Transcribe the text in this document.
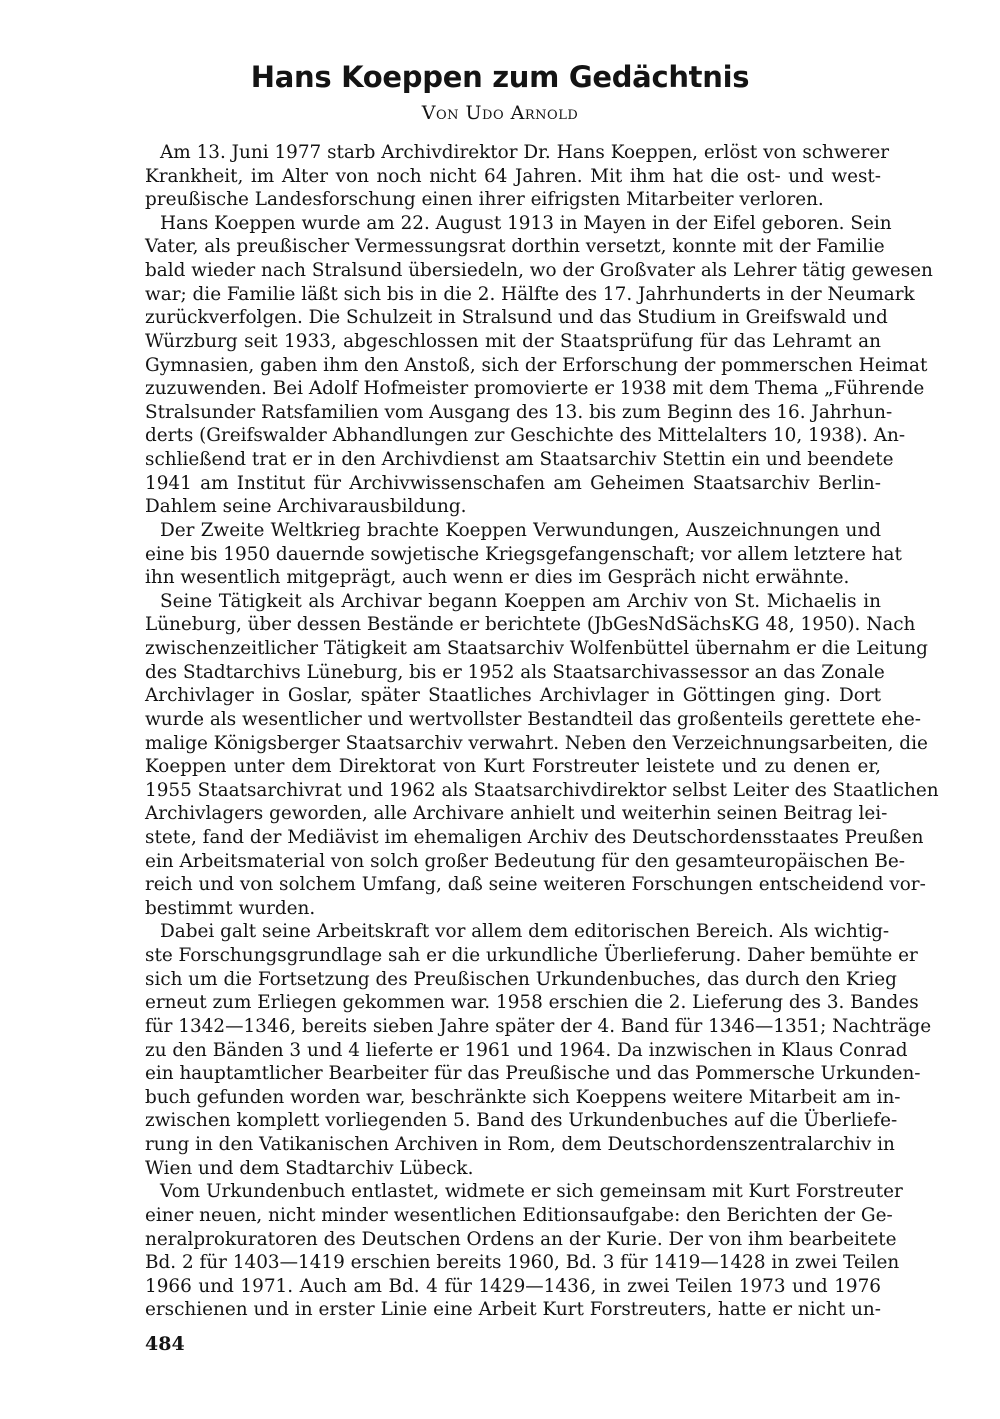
Hans Koeppen zum Gedächtnis
Von Udo Arnold
Am 13. Juni 1977 starb Archivdirektor Dr. Hans Koeppen, erlöst von schwerer
Krankheit, im Alter von noch nicht 64 Jahren. Mit ihm hat die ost- und west-
preußische Landesforschung einen ihrer eifrigsten Mitarbeiter verloren.
Hans Koeppen wurde am 22. August 1913 in Mayen in der Eifel geboren. Sein
Vater, als preußischer Vermessungsrat dorthin versetzt, konnte mit der Familie
bald wieder nach Stralsund übersiedeln, wo der Großvater als Lehrer tätig gewesen
war; die Familie läßt sich bis in die 2. Hälfte des 17. Jahrhunderts in der Neumark
zurückverfolgen. Die Schulzeit in Stralsund und das Studium in Greifswald und
Würzburg seit 1933, abgeschlossen mit der Staatsprüfung für das Lehramt an
Gymnasien, gaben ihm den Anstoß, sich der Erforschung der pommerschen Heimat
zuzuwenden. Bei Adolf Hofmeister promovierte er 1938 mit dem Thema „Führende
Stralsunder Ratsfamilien vom Ausgang des 13. bis zum Beginn des 16. Jahrhun-
derts (Greifswalder Abhandlungen zur Geschichte des Mittelalters 10, 1938). An-
schließend trat er in den Archivdienst am Staatsarchiv Stettin ein und beendete
1941 am Institut für Archivwissenschafen am Geheimen Staatsarchiv Berlin-
Dahlem seine Archivarausbildung.
Der Zweite Weltkrieg brachte Koeppen Verwundungen, Auszeichnungen und
eine bis 1950 dauernde sowjetische Kriegsgefangenschaft; vor allem letztere hat
ihn wesentlich mitgeprägt, auch wenn er dies im Gespräch nicht erwähnte.
Seine Tätigkeit als Archivar begann Koeppen am Archiv von St. Michaelis in
Lüneburg, über dessen Bestände er berichtete (JbGesNdSächsKG 48, 1950). Nach
zwischenzeitlicher Tätigkeit am Staatsarchiv Wolfenbüttel übernahm er die Leitung
des Stadtarchivs Lüneburg, bis er 1952 als Staatsarchivassessor an das Zonale
Archivlager in Goslar, später Staatliches Archivlager in Göttingen ging. Dort
wurde als wesentlicher und wertvollster Bestandteil das großenteils gerettete ehe-
malige Königsberger Staatsarchiv verwahrt. Neben den Verzeichnungsarbeiten, die
Koeppen unter dem Direktorat von Kurt Forstreuter leistete und zu denen er,
1955 Staatsarchivrat und 1962 als Staatsarchivdirektor selbst Leiter des Staatlichen
Archivlagers geworden, alle Archivare anhielt und weiterhin seinen Beitrag lei-
stete, fand der Mediävist im ehemaligen Archiv des Deutschordensstaates Preußen
ein Arbeitsmaterial von solch großer Bedeutung für den gesamteuropäischen Be-
reich und von solchem Umfang, daß seine weiteren Forschungen entscheidend vor-
bestimmt wurden.
Dabei galt seine Arbeitskraft vor allem dem editorischen Bereich. Als wichtig-
ste Forschungsgrundlage sah er die urkundliche Überlieferung. Daher bemühte er
sich um die Fortsetzung des Preußischen Urkundenbuches, das durch den Krieg
erneut zum Erliegen gekommen war. 1958 erschien die 2. Lieferung des 3. Bandes
für 1342—1346, bereits sieben Jahre später der 4. Band für 1346—1351; Nachträge
zu den Bänden 3 und 4 lieferte er 1961 und 1964. Da inzwischen in Klaus Conrad
ein hauptamtlicher Bearbeiter für das Preußische und das Pommersche Urkunden-
buch gefunden worden war, beschränkte sich Koeppens weitere Mitarbeit am in-
zwischen komplett vorliegenden 5. Band des Urkundenbuches auf die Überliefe-
rung in den Vatikanischen Archiven in Rom, dem Deutschordenszentralarchiv in
Wien und dem Stadtarchiv Lübeck.
Vom Urkundenbuch entlastet, widmete er sich gemeinsam mit Kurt Forstreuter
einer neuen, nicht minder wesentlichen Editionsaufgabe: den Berichten der Ge-
neralprokuratoren des Deutschen Ordens an der Kurie. Der von ihm bearbeitete
Bd. 2 für 1403—1419 erschien bereits 1960, Bd. 3 für 1419—1428 in zwei Teilen
1966 und 1971. Auch am Bd. 4 für 1429—1436, in zwei Teilen 1973 und 1976
erschienen und in erster Linie eine Arbeit Kurt Forstreuters, hatte er nicht un-
484
